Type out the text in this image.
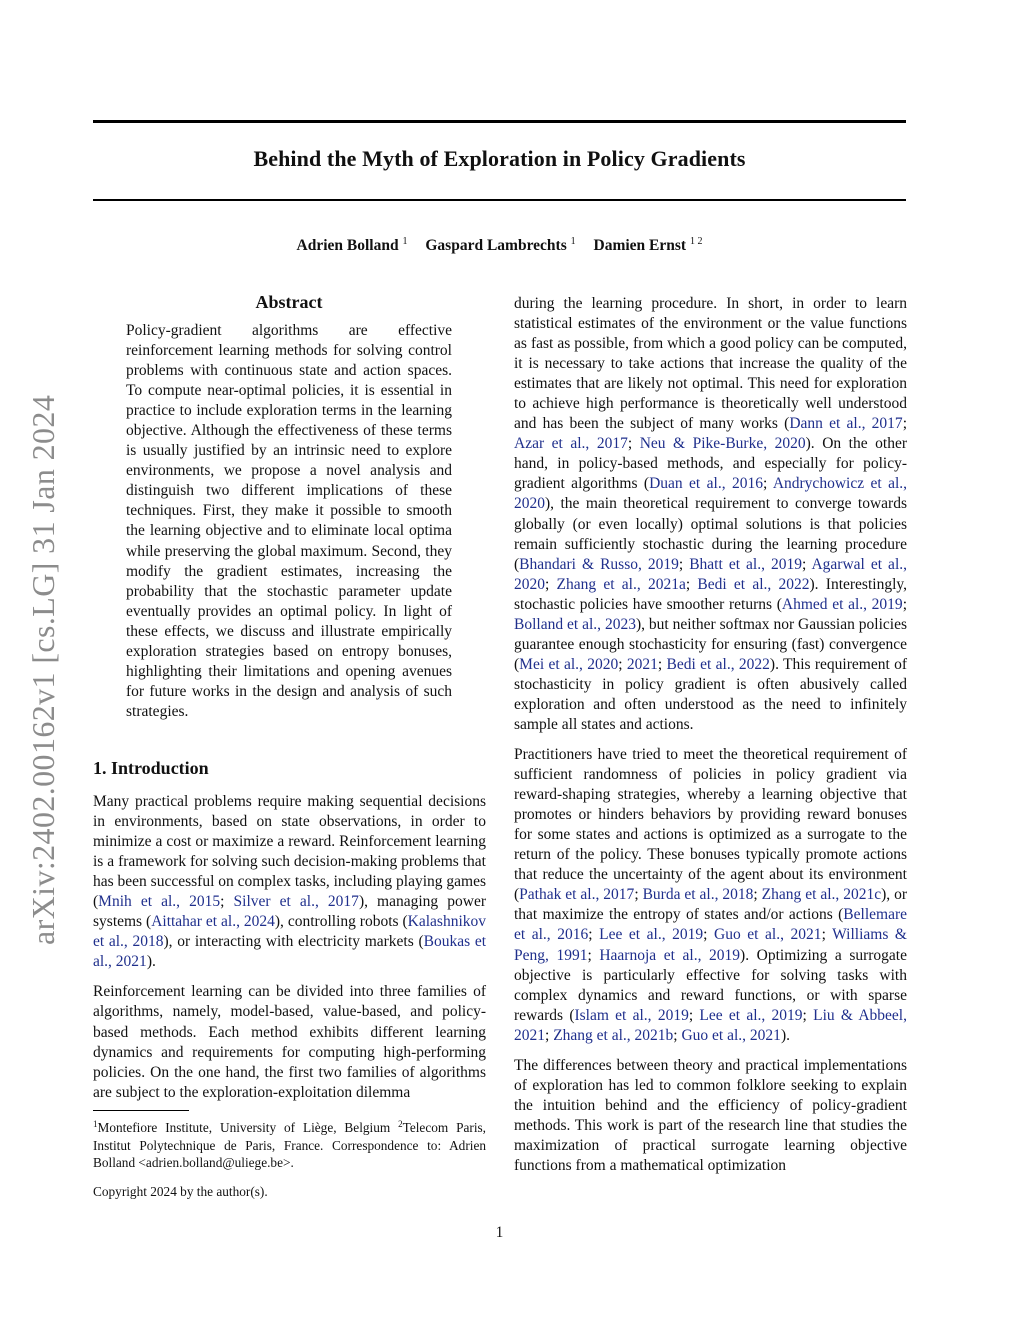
arXiv:2402.00162v1 [cs.LG] 31 Jan 2024
Behind the Myth of Exploration in Policy Gradients
Adrien Bolland $^1$ Gaspard Lambrechts $^1$ Damien Ernst $^{1 2}$
Abstract

Policy-gradient algorithms are effective reinforcement learning methods for solving control problems with continuous state and action spaces. To compute near-optimal policies, it is essential in practice to include exploration terms in the learning objective. Although the effectiveness of these terms is usually justified by an intrinsic need to explore environments, we propose a novel analysis and distinguish two different implications of these techniques. First, they make it possible to smooth the learning objective and to eliminate local optima while preserving the global maximum. Second, they modify the gradient estimates, increasing the probability that the stochastic parameter update eventually provides an optimal policy. In light of these effects, we discuss and illustrate empirically exploration strategies based on entropy bonuses, highlighting their limitations and opening avenues for future works in the design and analysis of such strategies.

1. Introduction

Many practical problems require making sequential decisions in environments, based on state observations, in order to minimize a cost or maximize a reward. Reinforcement learning is a framework for solving such decision-making problems that has been successful on complex tasks, including playing games (Mnih et al., 2015; Silver et al., 2017), managing power systems (Aittahar et al., 2024), controlling robots (Kalashnikov et al., 2018), or interacting with electricity markets (Boukas et al., 2021).

Reinforcement learning can be divided into three families of algorithms, namely, model-based, value-based, and policy-based methods. Each method exhibits different learning dynamics and requirements for computing high-performing policies. On the one hand, the first two families of algorithms are subject to the exploration-exploitation dilemma

$^1$Montefiore Institute, University of Liège, Belgium $^2$Telecom Paris, Institut Polytechnique de Paris, France. Correspondence to: Adrien Bolland <adrien.bolland@uliege.be>.
Copyright 2024 by the author(s).

during the learning procedure. In short, in order to learn statistical estimates of the environment or the value functions as fast as possible, from which a good policy can be computed, it is necessary to take actions that increase the quality of the estimates that are likely not optimal. This need for exploration to achieve high performance is theoretically well understood and has been the subject of many works (Dann et al., 2017; Azar et al., 2017; Neu & Pike-Burke, 2020). On the other hand, in policy-based methods, and especially for policy-gradient algorithms (Duan et al., 2016; Andrychowicz et al., 2020), the main theoretical requirement to converge towards globally (or even locally) optimal solutions is that policies remain sufficiently stochastic during the learning procedure (Bhandari & Russo, 2019; Bhatt et al., 2019; Agarwal et al., 2020; Zhang et al., 2021a; Bedi et al., 2022). Interestingly, stochastic policies have smoother returns (Ahmed et al., 2019; Bolland et al., 2023), but neither softmax nor Gaussian policies guarantee enough stochasticity for ensuring (fast) convergence (Mei et al., 2020; 2021; Bedi et al., 2022). This requirement of stochasticity in policy gradient is often abusively called exploration and often understood as the need to infinitely sample all states and actions.

Practitioners have tried to meet the theoretical requirement of sufficient randomness of policies in policy gradient via reward-shaping strategies, whereby a learning objective that promotes or hinders behaviors by providing reward bonuses for some states and actions is optimized as a surrogate to the return of the policy. These bonuses typically promote actions that reduce the uncertainty of the agent about its environment (Pathak et al., 2017; Burda et al., 2018; Zhang et al., 2021c), or that maximize the entropy of states and/or actions (Bellemare et al., 2016; Lee et al., 2019; Guo et al., 2021; Williams & Peng, 1991; Haarnoja et al., 2019). Optimizing a surrogate objective is particularly effective for solving tasks with complex dynamics and reward functions, or with sparse rewards (Islam et al., 2019; Lee et al., 2019; Liu & Abbeel, 2021; Zhang et al., 2021b; Guo et al., 2021).

The differences between theory and practical implementations of exploration has led to common folklore seeking to explain the intuition behind and the efficiency of policy-gradient methods. This work is part of the research line that studies the maximization of practical surrogate learning objective functions from a mathematical optimization

1
